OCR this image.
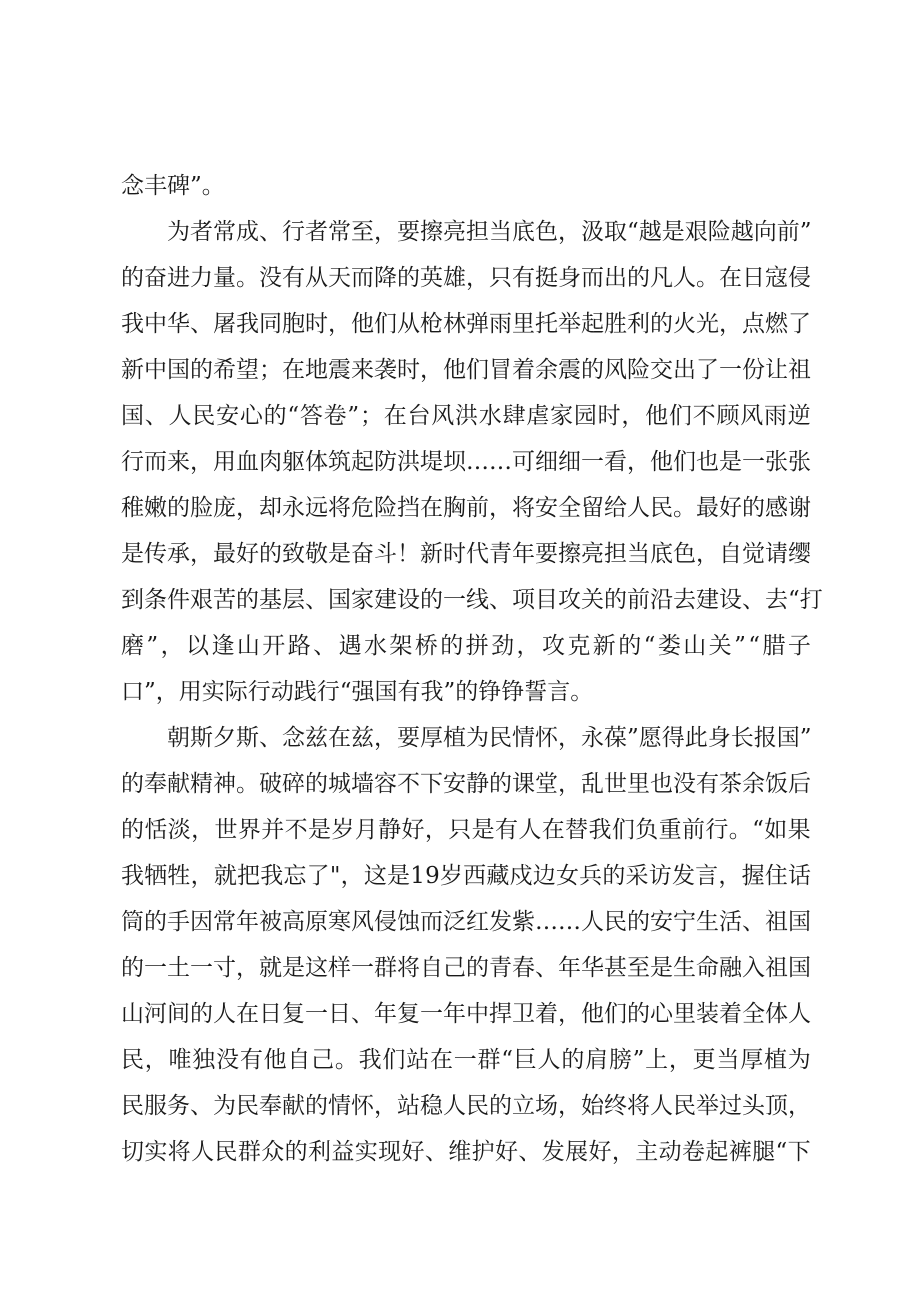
念丰碑”。
为 者 常 成 、 行 者 常 至 ， 要 擦 亮 担 当 底 色 ， 汲 取 “ 越 是 艰 险 越 向 前 ”
的 奋 进 力 量 。 没 有 从 天 而 降 的 英 雄 ， 只 有 挺 身 而 出 的 凡 人 。 在 日 寇 侵
我 中 华 、 屠 我 同 胞 时 ， 他 们 从 枪 林 弹 雨 里 托 举 起 胜 利 的 火 光 ， 点 燃 了
新 中 国 的 希 望 ； 在 地 震 来 袭 时 ， 他 们 冒 着 余 震 的 风 险 交 出 了 一 份 让 祖
国 、 人 民 安 心 的 “ 答 卷 ” ； 在 台 风 洪 水 肆 虐 家 园 时 ， 他 们 不 顾 风 雨 逆
行 而 来 ， 用 血 肉 躯 体 筑 起 防 洪 堤 坝 … … 可 细 细 一 看 ， 他 们 也 是 一 张 张
稚 嫩 的 脸 庞 ， 却 永 远 将 危 险 挡 在 胸 前 ， 将 安 全 留 给 人 民 。 最 好 的 感 谢
是 传 承 ， 最 好 的 致 敬 是 奋 斗 ！ 新 时 代 青 年 要 擦 亮 担 当 底 色 ， 自 觉 请 缨
到 条 件 艰 苦 的 基 层 、 国 家 建 设 的 一 线 、 项 目 攻 关 的 前 沿 去 建 设 、 去 “ 打
磨 ” ， 以 逢 山 开 路 、 遇 水 架 桥 的 拼 劲 ， 攻 克 新 的 “ 娄 山 关 ” “ 腊 子
口”，用实际行动践行“强国有我”的铮铮誓言。
朝 斯 夕 斯 、 念 兹 在 兹 ， 要 厚 植 为 民 情 怀 ， 永 葆 ” 愿 得 此 身 长 报 国 ”
的 奉 献 精 神 。 破 碎 的 城 墙 容 不 下 安 静 的 课 堂 ， 乱 世 里 也 没 有 茶 余 饭 后
的 恬 淡 ， 世 界 并 不 是 岁 月 静 好 ， 只 是 有 人 在 替 我 们 负 重 前 行 。 “ 如 果
我 牺 牲 ， 就 把 我 忘 了 " ， 这 是 1 9 岁 西 藏 戍 边 女 兵 的 采 访 发 言 ， 握 住 话
筒 的 手 因 常 年 被 高 原 寒 风 侵 蚀 而 泛 红 发 紫 … … 人 民 的 安 宁 生 活 、 祖 国
的 一 土 一 寸 ， 就 是 这 样 一 群 将 自 己 的 青 春 、 年 华 甚 至 是 生 命 融 入 祖 国
山 河 间 的 人 在 日 复 一 日 、 年 复 一 年 中 捍 卫 着 ， 他 们 的 心 里 装 着 全 体 人
民 ， 唯 独 没 有 他 自 己 。 我 们 站 在 一 群 “ 巨 人 的 肩 膀 ” 上 ， 更 当 厚 植 为
民 服 务 、 为 民 奉 献 的 情 怀 ， 站 稳 人 民 的 立 场 ， 始 终 将 人 民 举 过 头 顶 ，
切 实 将 人 民 群 众 的 利 益 实 现 好 、 维 护 好 、 发 展 好 ， 主 动 卷 起 裤 腿 “ 下
